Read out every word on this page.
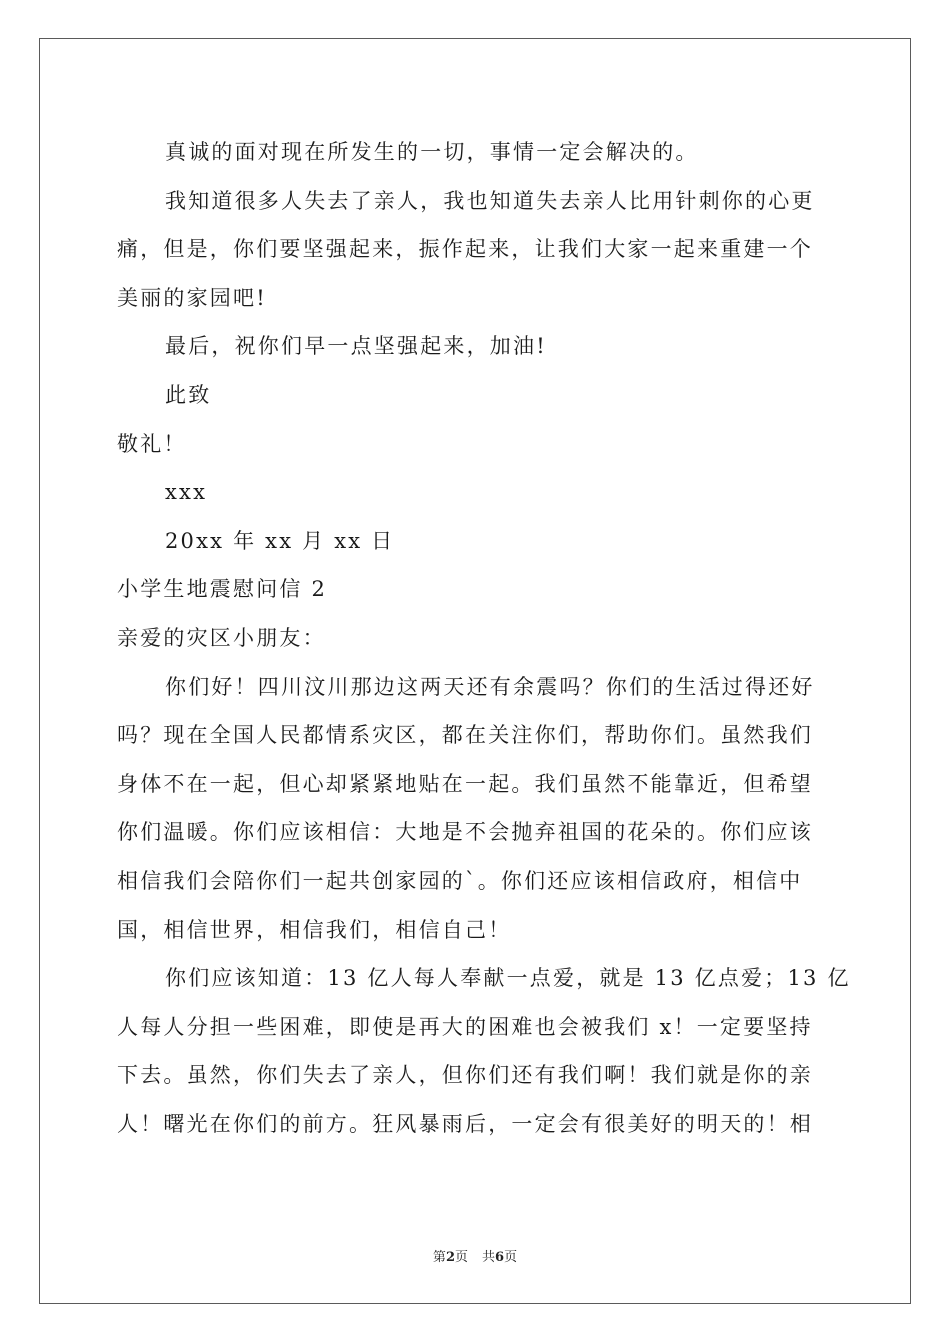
真诚的面对现在所发生的一切，事情一定会解决的。
我知道很多人失去了亲人，我也知道失去亲人比用针刺你的心更
痛，但是，你们要坚强起来，振作起来，让我们大家一起来重建一个
美丽的家园吧!
最后，祝你们早一点坚强起来，加油!
此致
敬礼！
xxx
20xx 年 xx 月 xx 日
小学生地震慰问信 2
亲爱的灾区小朋友：
你们好！四川汶川那边这两天还有余震吗？你们的生活过得还好
吗？现在全国人民都情系灾区，都在关注你们，帮助你们。虽然我们
身体不在一起，但心却紧紧地贴在一起。我们虽然不能靠近，但希望
你们温暖。你们应该相信：大地是不会抛弃祖国的花朵的。你们应该
相信我们会陪你们一起共创家园的`。你们还应该相信政府，相信中
国，相信世界，相信我们，相信自己！
你们应该知道：13 亿人每人奉献一点爱，就是 13 亿点爱；13 亿
人每人分担一些困难，即使是再大的困难也会被我们 x！一定要坚持
下去。虽然，你们失去了亲人，但你们还有我们啊！我们就是你的亲
人！曙光在你们的前方。狂风暴雨后，一定会有很美好的明天的！相
第2页 共6页
